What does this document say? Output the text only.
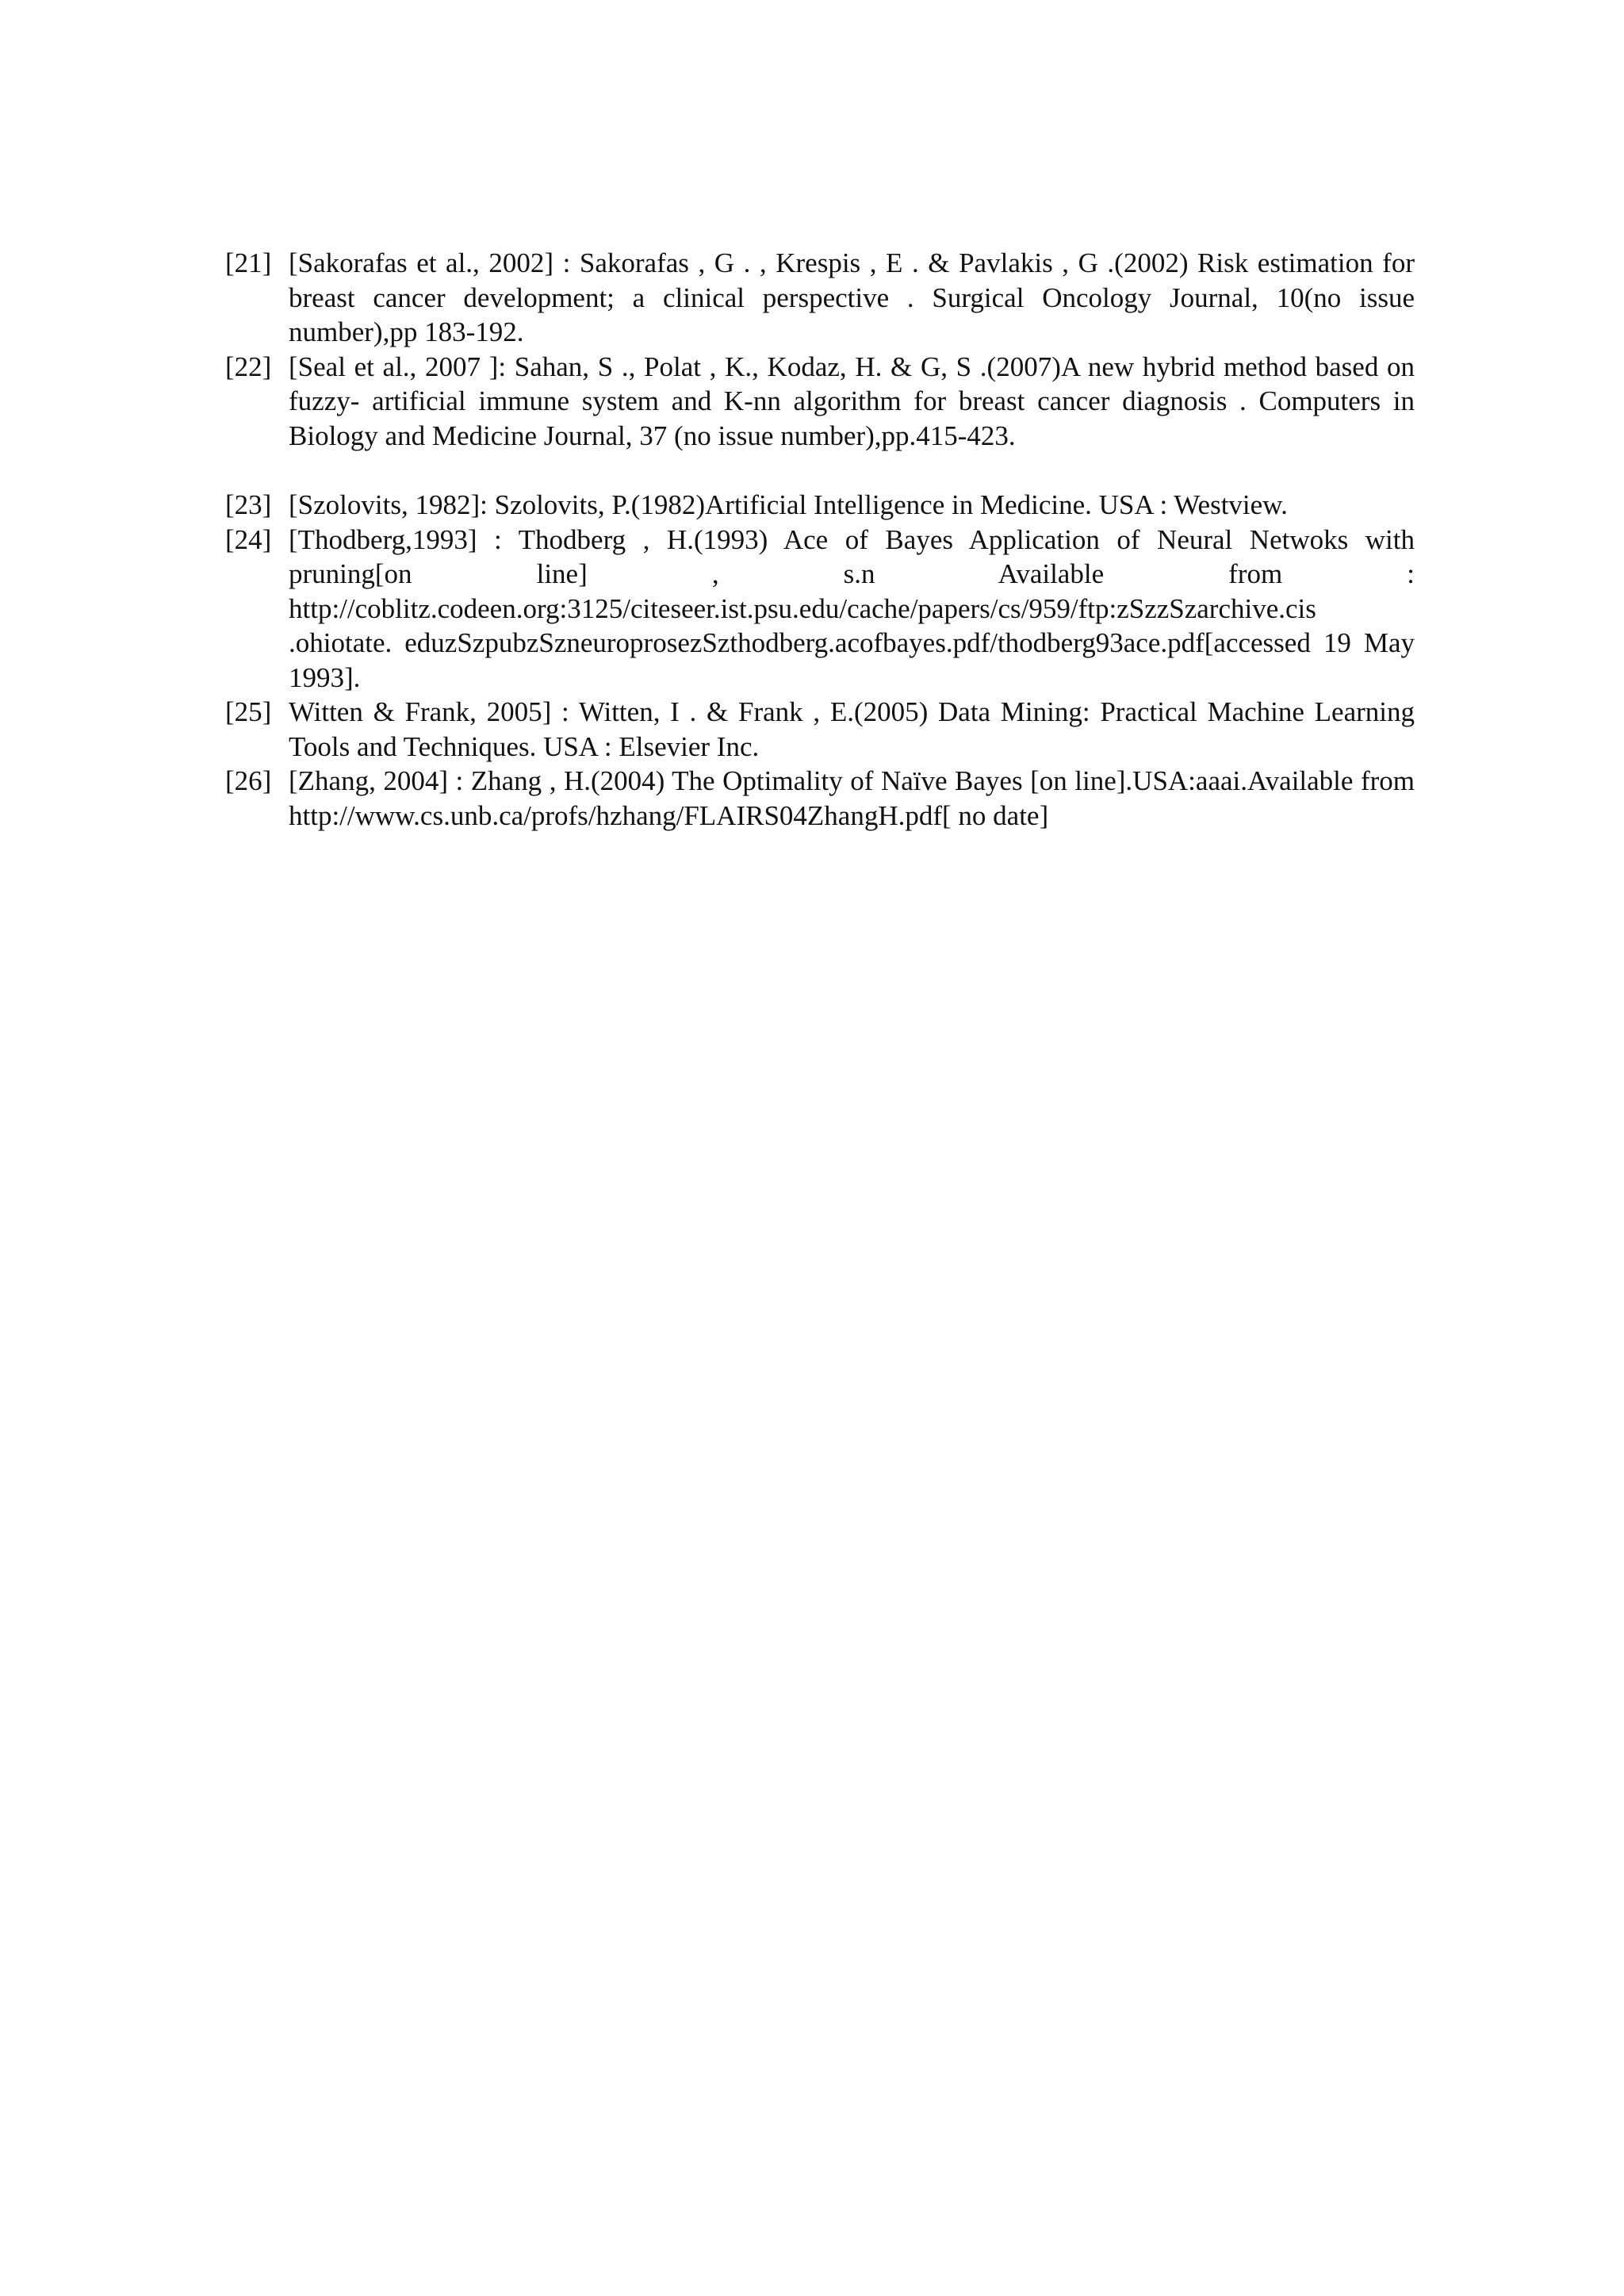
[21] [Sakorafas et al., 2002] : Sakorafas , G . , Krespis , E . & Pavlakis , G .(2002) Risk estimation for breast cancer development; a clinical perspective . Surgical Oncology Journal, 10(no issue number),pp 183-192.
[22] [Seal et al., 2007 ]: Sahan, S ., Polat , K., Kodaz, H. & G, S .(2007)A new hybrid method based on fuzzy- artificial immune system and K-nn algorithm for breast cancer diagnosis . Computers in Biology and Medicine Journal, 37 (no issue number),pp.415-423.
[23] [Szolovits, 1982]: Szolovits, P.(1982)Artificial Intelligence in Medicine. USA : Westview.
[24] [Thodberg,1993] : Thodberg , H.(1993) Ace of Bayes Application of Neural Netwoks with pruning[on line] , s.n Available from : http://coblitz.codeen.org:3125/citeseer.ist.psu.edu/cache/papers/cs/959/ftp:zSzzSzarchive.cis .ohiotate. eduzSzpubzSzneuroprosezSzthodberg.acofbayes.pdf/thodberg93ace.pdf[accessed 19 May 1993].
[25] Witten & Frank, 2005] : Witten, I . & Frank , E.(2005) Data Mining: Practical Machine Learning Tools and Techniques. USA : Elsevier Inc.
[26] [Zhang, 2004] : Zhang , H.(2004) The Optimality of Naïve Bayes [on line].USA:aaai.Available from http://www.cs.unb.ca/profs/hzhang/FLAIRS04ZhangH.pdf[ no date]
